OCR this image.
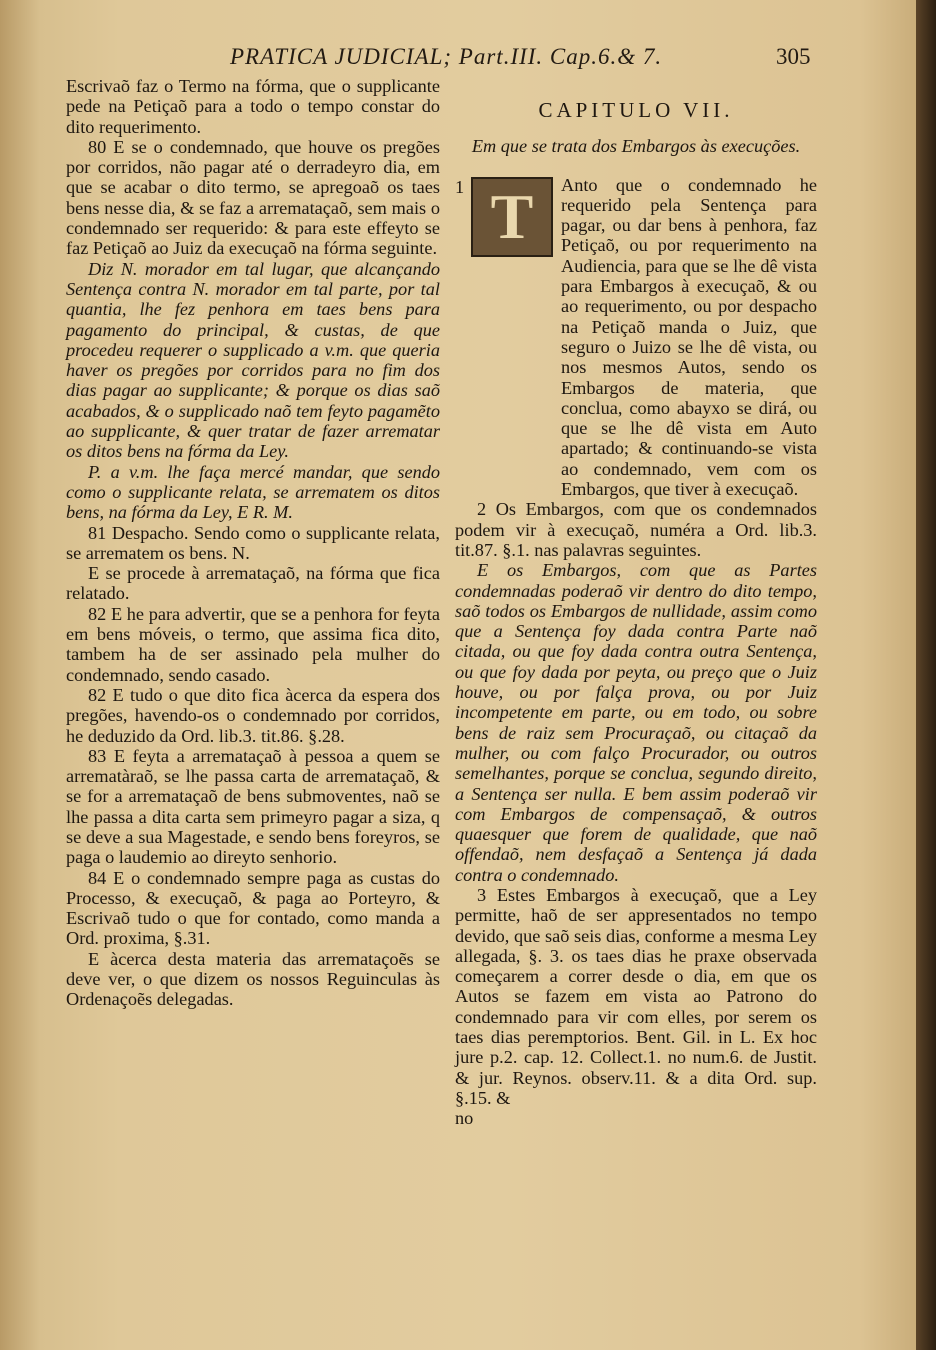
PRATICA JUDICIAL; Part.III. Cap.6.& 7.	305

Escrivaõ faz o Termo na fórma, que o supplicante pede na Petiçaõ para a todo o tempo constar do dito requerimento.

80 E se o condemnado, que houve os pregões por corridos, não pagar até o derradeyro dia, em que se acabar o dito termo, se apregoaõ os taes bens nesse dia, & se faz a arremataçaõ, sem mais o condemnado ser requerido: & para este effeyto se faz Petiçaõ ao Juiz da execuçaõ na fórma seguinte.

Diz N. morador em tal lugar, que alcançando Sentença contra N. morador em tal parte, por tal quantia, lhe fez penhora em taes bens para pagamento do principal, & custas, de que procedeu requerer o supplicado a v.m. que queria haver os pregões por corridos para no fim dos dias pagar ao supplicante; & porque os dias saõ acabados, & o supplicado naõ tem feyto pagamẽto ao supplicante, & quer tratar de fazer arrematar os ditos bens na fórma da Ley.

P. a v.m. lhe faça mercé mandar, que sendo como o supplicante relata, se arrematem os ditos bens, na fórma da Ley, E R. M.

81 Despacho. Sendo como o supplicante relata, se arrematem os bens. N.

E se procede à arremataçaõ, na fórma que fica relatado.

82 E he para advertir, que se a penhora for feyta em bens móveis, o termo, que assima fica dito, tambem ha de ser assinado pela mulher do condemnado, sendo casado.

82 E tudo o que dito fica àcerca da espera dos pregões, havendo-os o condemnado por corridos, he deduzido da Ord. lib.3. tit.86. §.28.

83 E feyta a arremataçaõ à pessoa a quem se arrematàraõ, se lhe passa carta de arremataçaõ, & se for a arremataçaõ de bens submoventes, naõ se lhe passa a dita carta sem primeyro pagar a siza, q se deve a sua Magestade, e sendo bens foreyros, se paga o laudemio ao direyto senhorio.

84 E o condemnado sempre paga as custas do Processo, & execuçaõ, & paga ao Porteyro, & Escrivaõ tudo o que for contado, como manda a Ord. proxima, §.31.

E àcerca desta materia das arremataçoẽs se deve ver, o que dizem os nossos Reguinculas às Ordenaçoẽs delegadas.

CAPITULO VII.
Em que se trata dos Embargos às execuções.
1 T Anto que o condemnado he requerido pela Sentença para pagar, ou dar bens à penhora, faz Petiçaõ, ou por requerimento na Audiencia, para que se lhe dê vista para Embargos à execuçaõ, & ou ao requerimento, ou por despacho na Petiçaõ manda o Juiz, que seguro o Juizo se lhe dê vista, ou nos mesmos Autos, sendo os Embargos de materia, que conclua, como abayxo se dirá, ou que se lhe dê vista em Auto apartado; & continuando-se vista ao condemnado, vem com os Embargos, que tiver à execuçaõ.

2 Os Embargos, com que os condemnados podem vir à execuçaõ, numéra a Ord. lib.3. tit.87. §.1. nas palavras seguintes.

E os Embargos, com que as Partes condemnadas poderaõ vir dentro do dito tempo, saõ todos os Embargos de nullidade, assim como que a Sentença foy dada contra Parte naõ citada, ou que foy dada contra outra Sentença, ou que foy dada por peyta, ou preço que o Juiz houve, ou por falça prova, ou por Juiz incompetente em parte, ou em todo, ou sobre bens de raiz sem Procuraçaõ, ou citaçaõ da mulher, ou com falço Procurador, ou outros semelhantes, porque se conclua, segundo direito, a Sentença ser nulla. E bem assim poderaõ vir com Embargos de compensaçaõ, & outros quaesquer que forem de qualidade, que naõ offendaõ, nem desfaçaõ a Sentença já dada contra o condemnado.

3 Estes Embargos à execuçaõ, que a Ley permitte, haõ de ser appresentados no tempo devido, que saõ seis dias, conforme a mesma Ley allegada, §. 3. os taes dias he praxe observada começarem a correr desde o dia, em que os Autos se fazem em vista ao Patrono do condemnado para vir com elles, por serem os taes dias peremptorios. Bent. Gil. in L. Ex hoc jure p.2. cap. 12. Collect.1. no num.6. de Justit. & jur. Reynos. observ.11. & a dita Ord. sup. §.15. &

no
